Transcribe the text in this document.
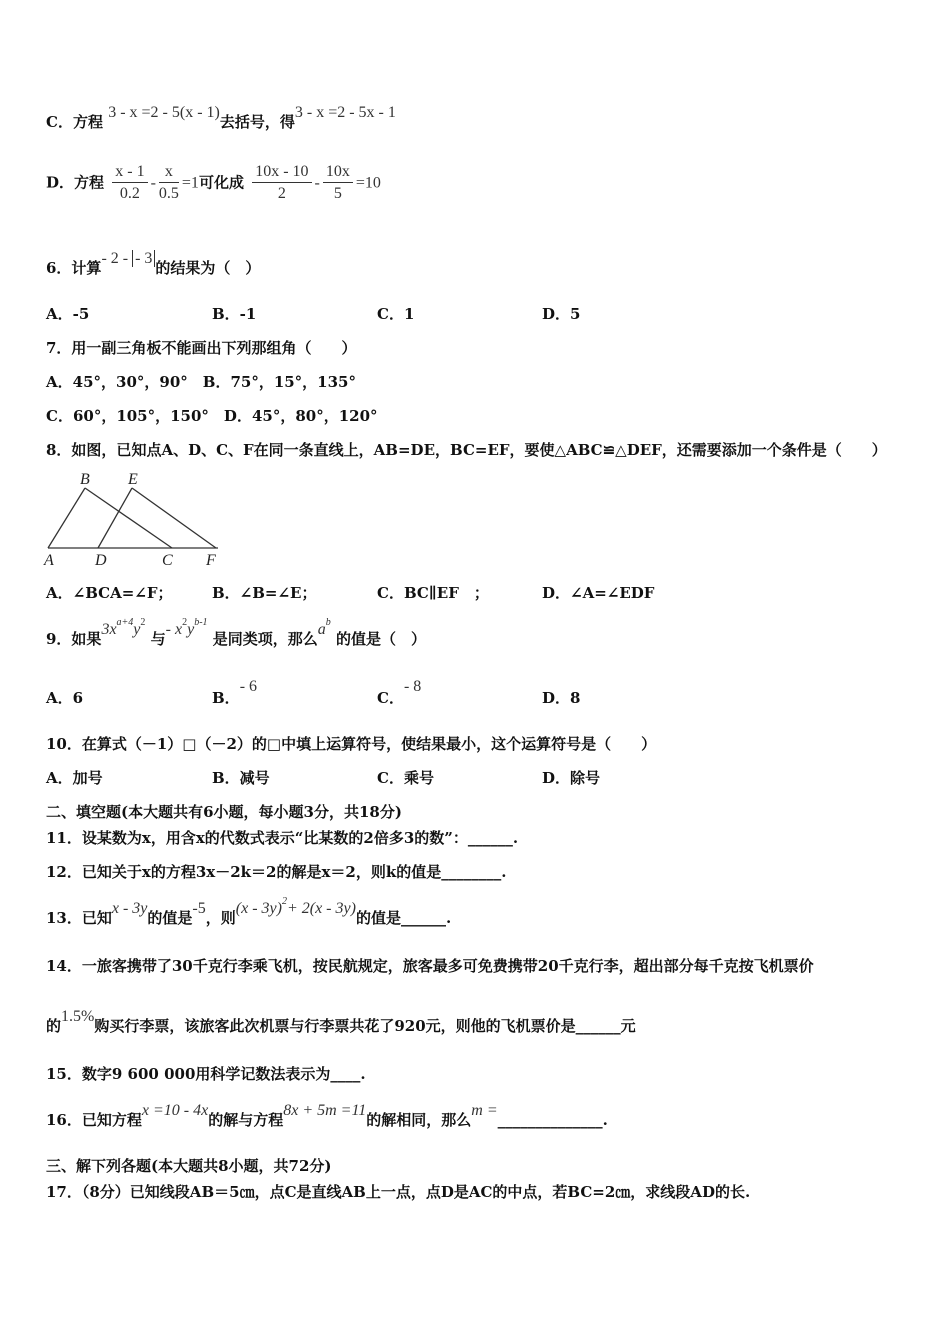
C．方程 3 - x =2 - 5(x - 1)去括号，得3 - x =2 - 5x - 1
D．方程 $\frac{x - 1}{0.2} - \frac{x}{0.5} =1$可化成 $\frac{10x - 10}{2} - \frac{10x}{5} =10$
6．计算- 2 - - 3的结果为（　）
A．-5	B．-1	C．1	D．5
7．用一副三角板不能画出下列那组角（　　）
A．45°，30°，90°　B．75°，15°，135°
C．60°，105°，150°　D．45°，80°，120°
8．如图，已知点A、D、C、F在同一条直线上，AB=DE，BC=EF，要使△ABC≌△DEF，还需要添加一个条件是（　　）
B E
A	D	C F
A．∠BCA=∠F；	B．∠B=∠E；	C．BC∥EF　；	D．∠A=∠EDF
9．如果$3x^{a+4}y^2$ 与- $x^2y^{b-1}$ 是同类项，那么$a^b$ 的值是（　）
A．6	B．- 6
C．- 8
D．8
10．在算式（－1）□（－2）的□中填上运算符号，使结果最小，这个运算符号是（　　）
A．加号	B．减号	C．乘号	D．除号
二、填空题(本大题共有6小题，每小题3分，共18分)
11．设某数为x，用含x的代数式表示“比某数的2倍多3的数”：______.
12．已知关于x的方程3x－2k＝2的解是x＝2，则k的值是________.
13．已知x - 3y的值是-5，则(x - 3y)$^2$+ 2(x - 3y)的值是______.
14．一旅客携带了30千克行李乘飞机，按民航规定，旅客最多可免费携带20千克行李，超出部分每千克按飞机票价
的1.5%购买行李票，该旅客此次机票与行李票共花了920元，则他的飞机票价是______元
15．数字9 600 000用科学记数法表示为____.
16．已知方程x =10 - 4x的解与方程8x + 5m =11的解相同，那么m =______________.
三、解下列各题(本大题共8小题，共72分)
17．（8分）已知线段AB＝5㎝，点C是直线AB上一点，点D是AC的中点，若BC=2㎝，求线段AD的长.
